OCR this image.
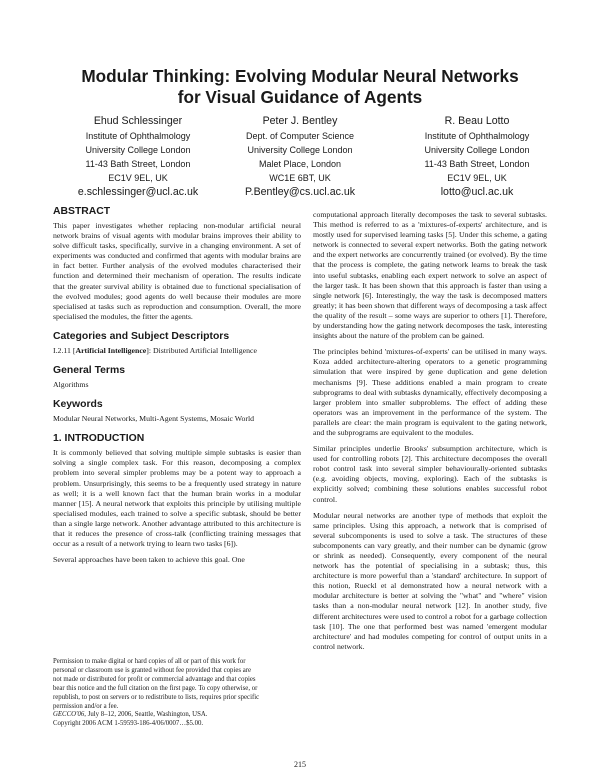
Modular Thinking: Evolving Modular Neural Networks
for Visual Guidance of Agents
Ehud Schlessinger
Institute of Ophthalmology
University College London
11-43 Bath Street, London
EC1V 9EL, UK
e.schlessinger@ucl.ac.uk
Peter J. Bentley
Dept. of Computer Science
University College London
Malet Place, London
WC1E 6BT, UK
P.Bentley@cs.ucl.ac.uk
R. Beau Lotto
Institute of Ophthalmology
University College London
11-43 Bath Street, London
EC1V 9EL, UK
lotto@ucl.ac.uk
ABSTRACT

This paper investigates whether replacing non-modular artificial neural network brains of visual agents with modular brains improves their ability to solve difficult tasks, specifically, survive in a changing environment. A set of experiments was conducted and confirmed that agents with modular brains are in fact better. Further analysis of the evolved modules characterised their function and determined their mechanism of operation. The results indicate that the greater survival ability is obtained due to functional specialisation of the evolved modules; good agents do well because their modules are more specialised at tasks such as reproduction and consumption. Overall, the more specialised the modules, the fitter the agents.

Categories and Subject Descriptors

I.2.11 [Artificial Intelligence]: Distributed Artificial Intelligence

General Terms

Algorithms

Keywords

Modular Neural Networks, Multi-Agent Systems, Mosaic World

1. INTRODUCTION

It is commonly believed that solving multiple simple subtasks is easier than solving a single complex task. For this reason, decomposing a complex problem into several simpler problems may be a potent way to approach a problem. Unsurprisingly, this seems to be a frequently used strategy in nature as well; it is a well known fact that the human brain works in a modular manner [15]. A neural network that exploits this principle by utilising multiple specialised modules, each trained to solve a specific subtask, should be better than a single large network. Another advantage attributed to this architecture is that it reduces the presence of cross-talk (conflicting training messages that occur as a result of a network trying to learn two tasks [6]).

Several approaches have been taken to achieve this goal. One

Permission to make digital or hard copies of all or part of this work for
personal or classroom use is granted without fee provided that copies are
not made or distributed for profit or commercial advantage and that copies
bear this notice and the full citation on the first page. To copy otherwise, or
republish, to post on servers or to redistribute to lists, requires prior specific
permission and/or a fee.
GECCO'06, July 8–12, 2006, Seattle, Washington, USA.
Copyright 2006 ACM 1-59593-186-4/06/0007…$5.00.

computational approach literally decomposes the task to several subtasks. This method is referred to as a 'mixtures-of-experts' architecture, and is mostly used for supervised learning tasks [5]. Under this scheme, a gating network is connected to several expert networks. Both the gating network and the expert networks are concurrently trained (or evolved). By the time that the process is complete, the gating network learns to break the task into useful subtasks, enabling each expert network to solve an aspect of the larger task. It has been shown that this approach is faster than using a single network [6]. Interestingly, the way the task is decomposed matters greatly; it has been shown that different ways of decomposing a task affect the quality of the result – some ways are superior to others [1]. Therefore, by understanding how the gating network decomposes the task, interesting insights about the nature of the problem can be gained.

The principles behind 'mixtures-of-experts' can be utilised in many ways. Koza added architecture-altering operators to a genetic programming simulation that were inspired by gene duplication and gene deletion mechanisms [9]. These additions enabled a main program to create subprograms to deal with subtasks dynamically, effectively decomposing a larger problem into smaller subproblems. The effect of adding these operators was an improvement in the performance of the system. The parallels are clear: the main program is equivalent to the gating network, and the subprograms are equivalent to the modules.

Similar principles underlie Brooks' subsumption architecture, which is used for controlling robots [2]. This architecture decomposes the overall robot control task into several simpler behaviourally-oriented subtasks (e.g. avoiding objects, moving, exploring). Each of the subtasks is explicitly solved; combining these solutions enables successful robot control.

Modular neural networks are another type of methods that exploit the same principles. Using this approach, a network that is comprised of several subcomponents is used to solve a task. The structures of these subcomponents can vary greatly, and their number can be dynamic (grow or shrink as needed). Consequently, every component of the neural network has the potential of specialising in a subtask; thus, this architecture is more powerful than a 'standard' architecture. In support of this notion, Rueckl et al demonstrated how a neural network with a modular architecture is better at solving the "what" and "where" vision tasks than a non-modular neural network [12]. In another study, five different architectures were used to control a robot for a garbage collection task [10]. The one that performed best was named 'emergent modular architecture' and had modules competing for control of output units in a control network.

215
